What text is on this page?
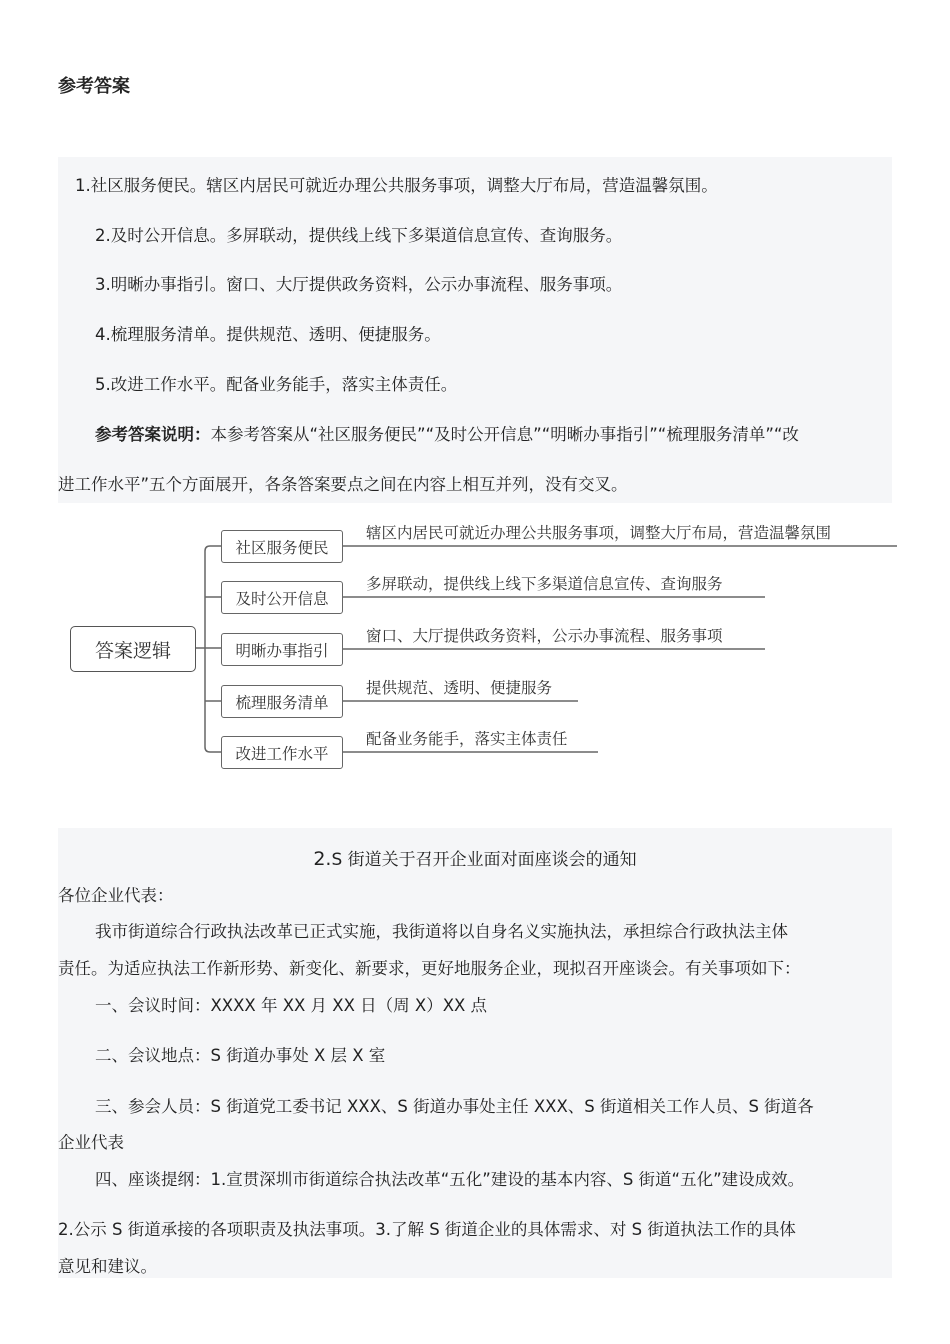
参考答案
1.社区服务便民。辖区内居民可就近办理公共服务事项，调整大厅布局，营造温馨氛围。
2.及时公开信息。多屏联动，提供线上线下多渠道信息宣传、查询服务。
3.明晰办事指引。窗口、大厅提供政务资料，公示办事流程、服务事项。
4.梳理服务清单。提供规范、透明、便捷服务。
5.改进工作水平。配备业务能手，落实主体责任。
参考答案说明：本参考答案从“社区服务便民”“及时公开信息”“明晰办事指引”“梳理服务清单”“改
进工作水平”五个方面展开，各条答案要点之间在内容上相互并列，没有交叉。
答案逻辑
社区服务便民
及时公开信息
明晰办事指引
梳理服务清单
改进工作水平
辖区内居民可就近办理公共服务事项，调整大厅布局，营造温馨氛围
多屏联动，提供线上线下多渠道信息宣传、查询服务
窗口、大厅提供政务资料，公示办事流程、服务事项
提供规范、透明、便捷服务
配备业务能手，落实主体责任
2.S 街道关于召开企业面对面座谈会的通知
各位企业代表：
我市街道综合行政执法改革已正式实施，我街道将以自身名义实施执法，承担综合行政执法主体
责任。为适应执法工作新形势、新变化、新要求，更好地服务企业，现拟召开座谈会。有关事项如下：
一、会议时间：XXXX 年 XX 月 XX 日（周 X）XX 点
二、会议地点：S 街道办事处 X 层 X 室
三、参会人员：S 街道党工委书记 XXX、S 街道办事处主任 XXX、S 街道相关工作人员、S 街道各
企业代表
四、座谈提纲：1.宣贯深圳市街道综合执法改革“五化”建设的基本内容、S 街道“五化”建设成效。
2.公示 S 街道承接的各项职责及执法事项。3.了解 S 街道企业的具体需求、对 S 街道执法工作的具体
意见和建议。
